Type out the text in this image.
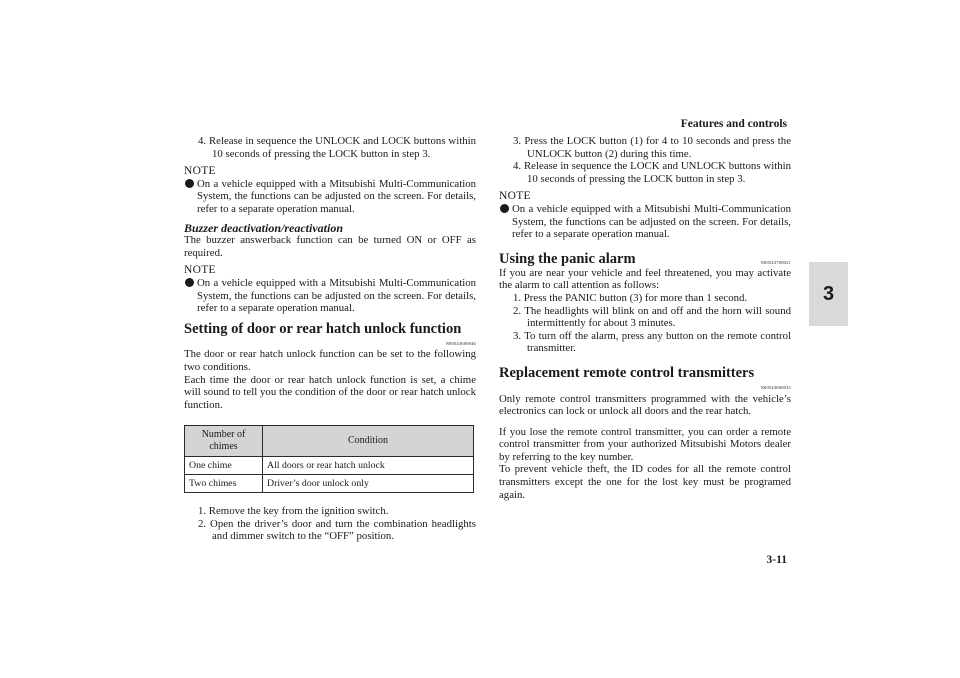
Features and controls
3

4. Release in sequence the UNLOCK and LOCK buttons within 10 seconds of pressing the LOCK button in step 3.

NOTE
On a vehicle equipped with a Mitsubishi Multi-Communication System, the functions can be adjusted on the screen. For details, refer to a separate operation manual.
Buzzer deactivation/reactivation

The buzzer answerback function can be turned ON or OFF as required.

NOTE
On a vehicle equipped with a Mitsubishi Multi-Communication System, the functions can be adjusted on the screen. For details, refer to a separate operation manual.
Setting of door or rear hatch unlock function
N00543600046

The door or rear hatch unlock function can be set to the following two conditions.

Each time the door or rear hatch unlock function is set, a chime will sound to tell you the condition of the door or rear hatch unlock function.

Number of chimes	Condition
One chime	All doors or rear hatch unlock
Two chimes	Driver’s door unlock only

1. Remove the key from the ignition switch.

2. Open the driver’s door and turn the combination headlights and dimmer switch to the “OFF” position.

3. Press the LOCK button (1) for 4 to 10 seconds and press the UNLOCK button (2) during this time.

4. Release in sequence the LOCK and UNLOCK buttons within 10 seconds of pressing the LOCK button in step 3.

NOTE
On a vehicle equipped with a Mitsubishi Multi-Communication System, the functions can be adjusted on the screen. For details, refer to a separate operation manual.
Using the panic alarm	N00543700021

If you are near your vehicle and feel threatened, you may activate the alarm to call attention as follows:

1. Press the PANIC button (3) for more than 1 second.

2. The headlights will blink on and off and the horn will sound intermittently for about 3 minutes.

3. To turn off the alarm, press any button on the remote control transmitter.

Replacement remote control transmitters
N00543800035

Only remote control transmitters programmed with the vehicle’s electronics can lock or unlock all doors and the rear hatch.

If you lose the remote control transmitter, you can order a remote control transmitter from your authorized Mitsubishi Motors dealer by referring to the key number.

To prevent vehicle theft, the ID codes for all the remote control transmitters except the one for the lost key must be programed again.

3-11
